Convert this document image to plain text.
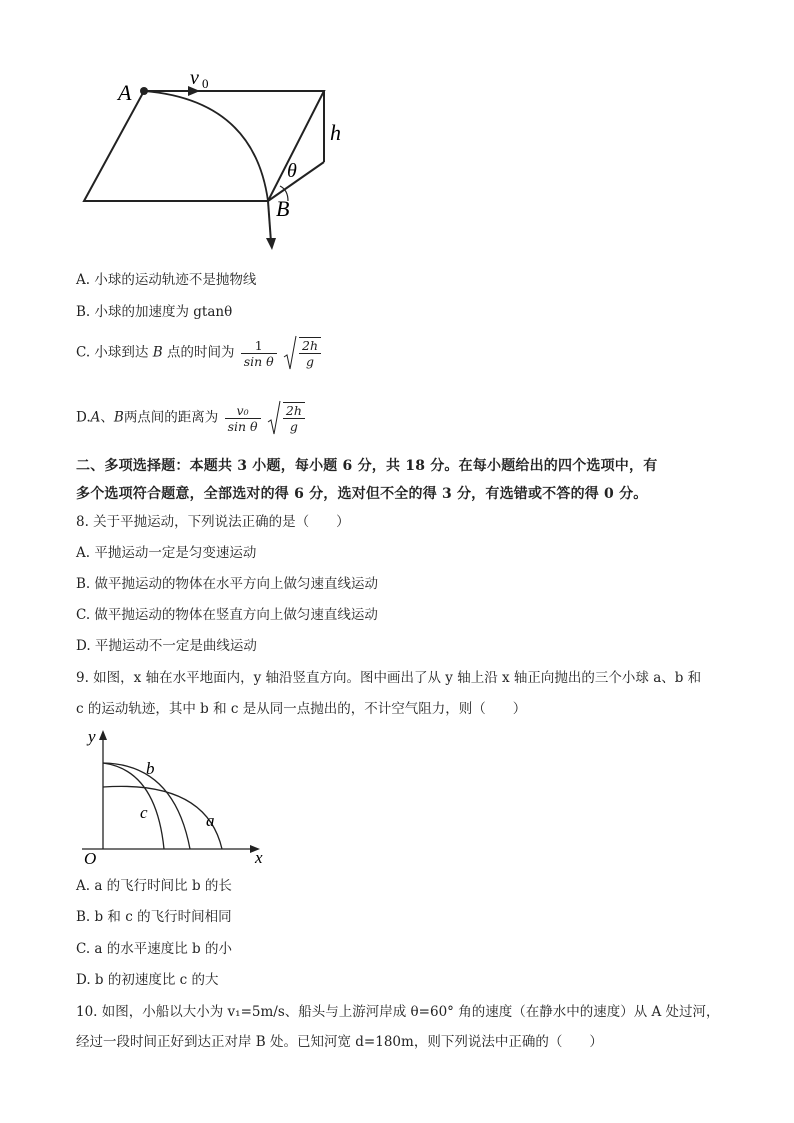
A
B
v 0
h
θ
A. 小球的运动轨迹不是抛物线
B. 小球的加速度为 gtanθ
C. 小球到达 B 点的时间为 $\frac{1}{\text{sin θ}}$
$\frac{2h}{g}$
D.A、B两点间的距离为 $\frac{\text{v₀}}{\text{sin θ}}$
$\frac{2h}{g}$
二、多项选择题：本题共 3 小题，每小题 6 分，共 18 分。在每小题给出的四个选项中，有
多个选项符合题意，全部选对的得 6 分，选对但不全的得 3 分，有选错或不答的得 0 分。
8. 关于平抛运动，下列说法正确的是（　　）
A. 平抛运动一定是匀变速运动
B. 做平抛运动的物体在水平方向上做匀速直线运动
C. 做平抛运动的物体在竖直方向上做匀速直线运动
D. 平抛运动不一定是曲线运动
9. 如图，x 轴在水平地面内，y 轴沿竖直方向。图中画出了从 y 轴上沿 x 轴正向抛出的三个小球 a、b 和
c 的运动轨迹，其中 b 和 c 是从同一点抛出的，不计空气阻力，则（　　）
y
x
O
a
b
c
A. a 的飞行时间比 b 的长
B. b 和 c 的飞行时间相同
C. a 的水平速度比 b 的小
D. b 的初速度比 c 的大
10. 如图，小船以大小为 v₁=5m/s、船头与上游河岸成 θ=60° 角的速度（在静水中的速度）从 A 处过河，
经过一段时间正好到达正对岸 B 处。已知河宽 d=180m，则下列说法中正确的（　　）
